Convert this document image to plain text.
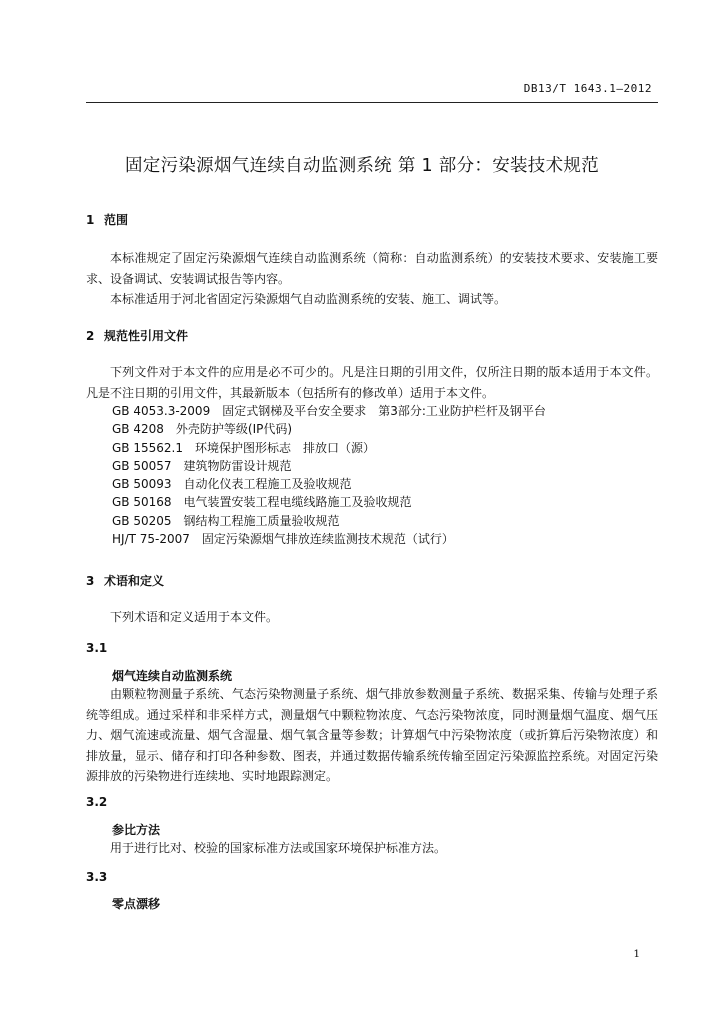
DB13/T 1643.1—2012
固定污染源烟气连续自动监测系统 第 1 部分：安装技术规范
1 范围

本标准规定了固定污染源烟气连续自动监测系统（简称：自动监测系统）的安装技术要求、安装施工要求、设备调试、安装调试报告等内容。

本标准适用于河北省固定污染源烟气自动监测系统的安装、施工、调试等。

2 规范性引用文件

下列文件对于本文件的应用是必不可少的。凡是注日期的引用文件，仅所注日期的版本适用于本文件。凡是不注日期的引用文件，其最新版本（包括所有的修改单）适用于本文件。

GB 4053.3-2009　固定式钢梯及平台安全要求　第3部分:工业防护栏杆及钢平台
GB 4208　外壳防护等级(IP代码)
GB 15562.1　环境保护图形标志　排放口（源）
GB 50057　建筑物防雷设计规范
GB 50093　自动化仪表工程施工及验收规范
GB 50168　电气装置安装工程电缆线路施工及验收规范
GB 50205　钢结构工程施工质量验收规范
HJ/T 75-2007　固定污染源烟气排放连续监测技术规范（试行）
3 术语和定义

下列术语和定义适用于本文件。

3.1
烟气连续自动监测系统

由颗粒物测量子系统、气态污染物测量子系统、烟气排放参数测量子系统、数据采集、传输与处理子系统等组成。通过采样和非采样方式，测量烟气中颗粒物浓度、气态污染物浓度，同时测量烟气温度、烟气压力、烟气流速或流量、烟气含湿量、烟气氧含量等参数；计算烟气中污染物浓度（或折算后污染物浓度）和排放量，显示、储存和打印各种参数、图表，并通过数据传输系统传输至固定污染源监控系统。对固定污染源排放的污染物进行连续地、实时地跟踪测定。

3.2
参比方法

用于进行比对、校验的国家标准方法或国家环境保护标准方法。

3.3
零点漂移
1
